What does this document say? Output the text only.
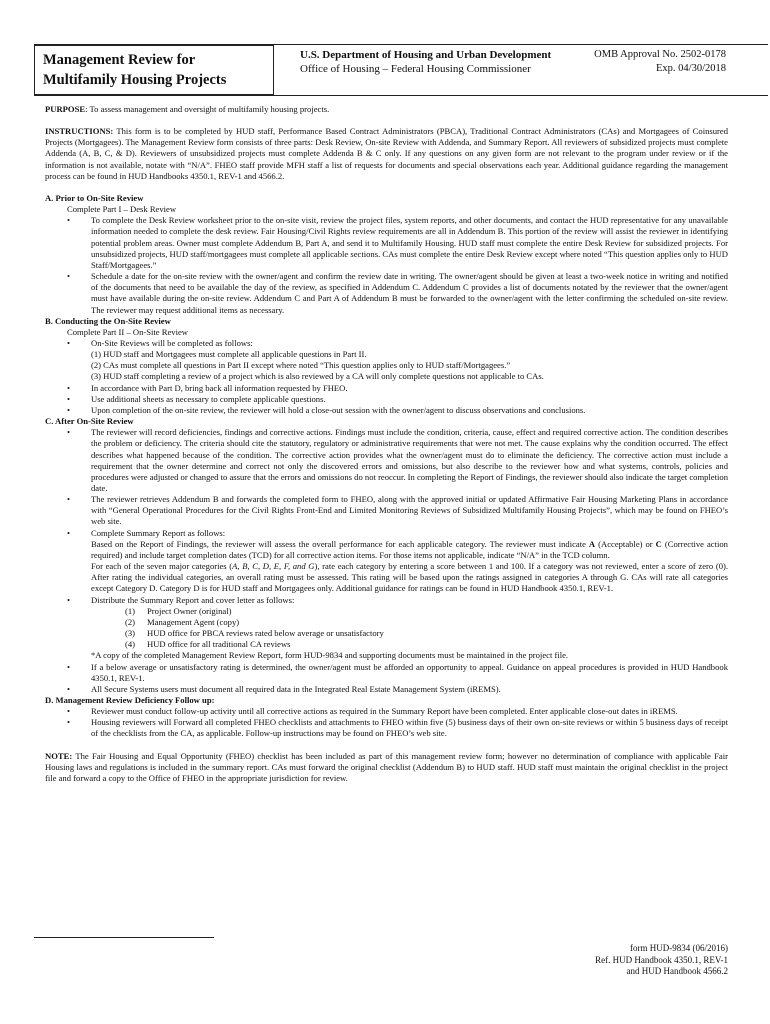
Management Review for
Multifamily Housing Projects
U.S. Department of Housing and Urban Development
Office of Housing – Federal Housing Commissioner
OMB Approval No. 2502-0178
Exp. 04/30/2018

PURPOSE: To assess management and oversight of multifamily housing projects.

INSTRUCTIONS: This form is to be completed by HUD staff, Performance Based Contract Administrators (PBCA), Traditional Contract Administrators (CAs) and Mortgagees of Coinsured Projects (Mortgagees). The Management Review form consists of three parts: Desk Review, On-site Review with Addenda, and Summary Report. All reviewers of subsidized projects must complete Addenda (A, B, C, & D). Reviewers of unsubsidized projects must complete Addenda B & C only. If any questions on any given form are not relevant to the program under review or if the information is not available, notate with “N/A”. FHEO staff provide MFH staff a list of requests for documents and special observations each year. Additional guidance regarding the management process can be found in HUD Handbooks 4350.1, REV-1 and 4566.2.

A. Prior to On-Site Review
Complete Part I – Desk Review
• To complete the Desk Review worksheet prior to the on-site visit, review the project files, system reports, and other documents, and contact the HUD representative for any unavailable information needed to complete the desk review. Fair Housing/Civil Rights review requirements are all in Addendum B. This portion of the review will assist the reviewer in identifying potential problem areas. Owner must complete Addendum B, Part A, and send it to Multifamily Housing. HUD staff must complete the entire Desk Review for subsidized projects. For unsubsidized projects, HUD staff/mortgagees must complete all applicable sections. CAs must complete the entire Desk Review except where noted “This question applies only to HUD Staff/Mortgagees.”
• Schedule a date for the on-site review with the owner/agent and confirm the review date in writing. The owner/agent should be given at least a two-week notice in writing and notified of the documents that need to be available the day of the review, as specified in Addendum C. Addendum C provides a list of documents notated by the reviewer that the owner/agent must have available during the on-site review. Addendum C and Part A of Addendum B must be forwarded to the owner/agent with the letter confirming the scheduled on-site review. The reviewer may request additional items as necessary.
B. Conducting the On-Site Review
Complete Part II – On-Site Review
• On-Site Reviews will be completed as follows:
(1) HUD staff and Mortgagees must complete all applicable questions in Part II.
(2) CAs must complete all questions in Part II except where noted “This question applies only to HUD staff/Mortgagees.”
(3) HUD staff completing a review of a project which is also reviewed by a CA will only complete questions not applicable to CAs.
• In accordance with Part D, bring back all information requested by FHEO.
• Use additional sheets as necessary to complete applicable questions.
• Upon completion of the on-site review, the reviewer will hold a close-out session with the owner/agent to discuss observations and conclusions.
C. After On-Site Review
• The reviewer will record deficiencies, findings and corrective actions. Findings must include the condition, criteria, cause, effect and required corrective action. The condition describes the problem or deficiency. The criteria should cite the statutory, regulatory or administrative requirements that were not met. The cause explains why the condition occurred. The effect describes what happened because of the condition. The corrective action provides what the owner/agent must do to eliminate the deficiency. The corrective action must include a requirement that the owner determine and correct not only the discovered errors and omissions, but also describe to the reviewer how and what systems, controls, policies and procedures were adjusted or changed to assure that the errors and omissions do not reoccur. In completing the Report of Findings, the reviewer should also indicate the target completion date.
• The reviewer retrieves Addendum B and forwards the completed form to FHEO, along with the approved initial or updated Affirmative Fair Housing Marketing Plans in accordance with “General Operational Procedures for the Civil Rights Front-End and Limited Monitoring Reviews of Subsidized Multifamily Housing Projects”, which may be found on FHEO’s web site.
• Complete Summary Report as follows:
Based on the Report of Findings, the reviewer will assess the overall performance for each applicable category. The reviewer must indicate A (Acceptable) or C (Corrective action required) and include target completion dates (TCD) for all corrective action items. For those items not applicable, indicate “N/A” in the TCD column.
For each of the seven major categories (A, B, C, D, E, F, and G), rate each category by entering a score between 1 and 100. If a category was not reviewed, enter a score of zero (0). After rating the individual categories, an overall rating must be assessed. This rating will be based upon the ratings assigned in categories A through G. CAs will rate all categories except Category D. Category D is for HUD staff and Mortgagees only. Additional guidance for ratings can be found in HUD Handbook 4350.1, REV-1.
• Distribute the Summary Report and cover letter as follows:
(1) Project Owner (original)
(2) Management Agent (copy)
(3) HUD office for PBCA reviews rated below average or unsatisfactory
(4) HUD office for all traditional CA reviews
*A copy of the completed Management Review Report, form HUD-9834 and supporting documents must be maintained in the project file.
• If a below average or unsatisfactory rating is determined, the owner/agent must be afforded an opportunity to appeal. Guidance on appeal procedures is provided in HUD Handbook 4350.1, REV-1.
• All Secure Systems users must document all required data in the Integrated Real Estate Management System (iREMS).
D. Management Review Deficiency Follow up:
• Reviewer must conduct follow-up activity until all corrective actions as required in the Summary Report have been completed. Enter applicable close-out dates in iREMS.
• Housing reviewers will Forward all completed FHEO checklists and attachments to FHEO within five (5) business days of their own on-site reviews or within 5 business days of receipt of the checklists from the CA, as applicable. Follow-up instructions may be found on FHEO’s web site.

NOTE: The Fair Housing and Equal Opportunity (FHEO) checklist has been included as part of this management review form; however no determination of compliance with applicable Fair Housing laws and regulations is included in the summary report. CAs must forward the original checklist (Addendum B) to HUD staff. HUD staff must maintain the original checklist in the project file and forward a copy to the Office of FHEO in the appropriate jurisdiction for review.

form HUD-9834 (06/2016)
Ref. HUD Handbook 4350.1, REV-1
and HUD Handbook 4566.2
